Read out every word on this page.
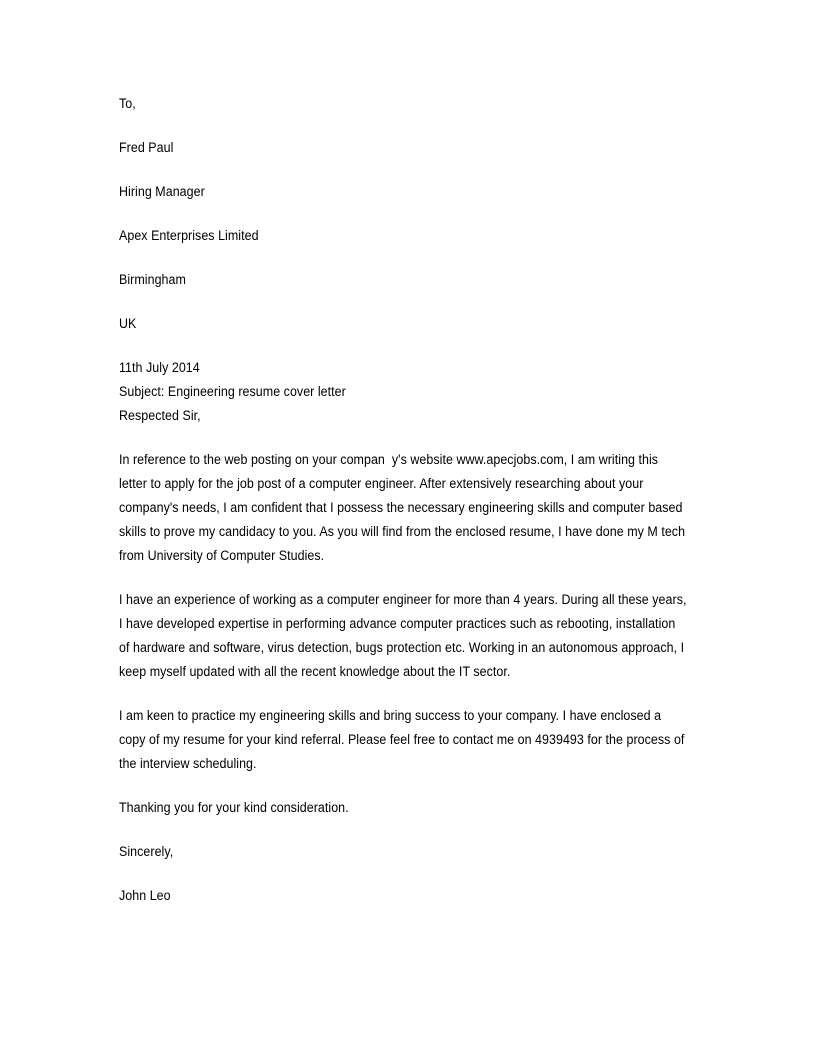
To,
Fred Paul
Hiring Manager
Apex Enterprises Limited
Birmingham
UK
11th July 2014
Subject: Engineering resume cover letter
Respected Sir,

In reference to the web posting on your compan  y's website www.apecjobs.com, I am writing this letter to apply for the job post of a computer engineer. After extensively researching about your company's needs, I am confident that I possess the necessary engineering skills and computer based skills to prove my candidacy to you. As you will find from the enclosed resume, I have done my M tech from University of Computer Studies.

I have an experience of working as a computer engineer for more than 4 years. During all these years, I have developed expertise in performing advance computer practices such as rebooting, installation of hardware and software, virus detection, bugs protection etc. Working in an autonomous approach, I keep myself updated with all the recent knowledge about the IT sector.

I am keen to practice my engineering skills and bring success to your company. I have enclosed a copy of my resume for your kind referral. Please feel free to contact me on 4939493 for the process of the interview scheduling.

Thanking you for your kind consideration.
Sincerely,
John Leo
